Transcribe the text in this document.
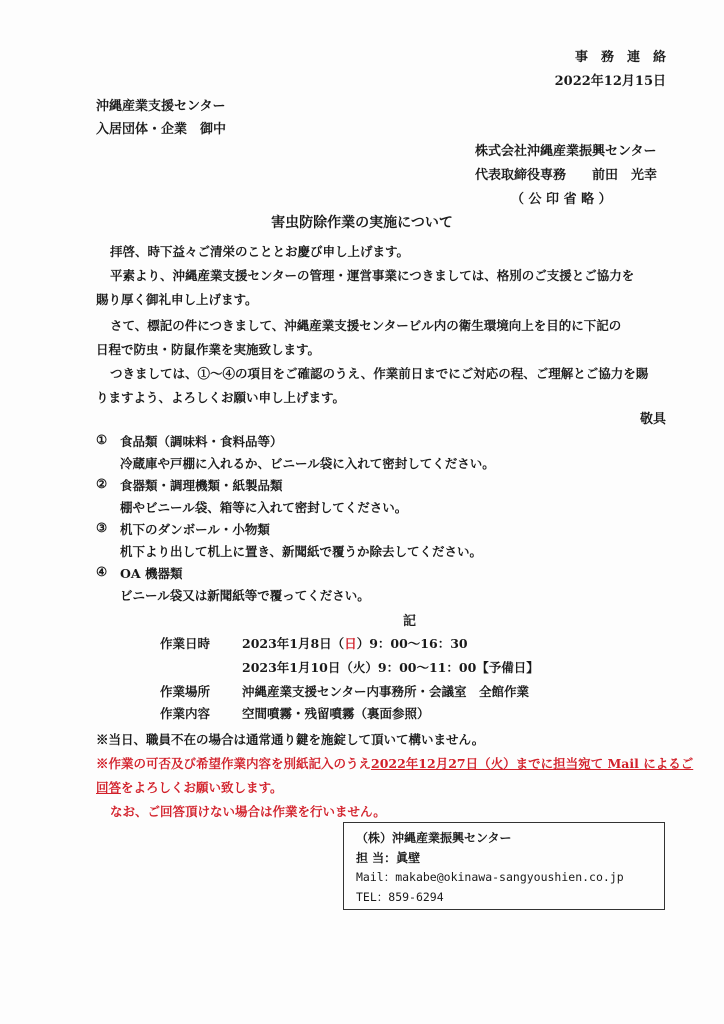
事　務　連　絡
2022年12月15日
沖縄産業支援センター
入居団体・企業　御中
株式会社沖縄産業振興センター
代表取締役専務　　前田　光幸
（ 公 印 省 略 ）
害虫防除作業の実施について
拝啓、時下益々ご清栄のこととお慶び申し上げます。
平素より、沖縄産業支援センターの管理・運営事業につきましては、格別のご支援とご協力を
賜り厚く御礼申し上げます。
さて、標記の件につきまして、沖縄産業支援センタービル内の衛生環境向上を目的に下記の
日程で防虫・防鼠作業を実施致します。
つきましては、①～④の項目をご確認のうえ、作業前日までにご対応の程、ご理解とご協力を賜
りますよう、よろしくお願い申し上げます。
敬具
① 食品類（調味料・食料品等）
冷蔵庫や戸棚に入れるか、ビニール袋に入れて密封してください。
② 食器類・調理機類・紙製品類
棚やビニール袋、箱等に入れて密封してください。
③ 机下のダンボール・小物類
机下より出して机上に置き、新聞紙で覆うか除去してください。
④ OA 機器類
ビニール袋又は新聞紙等で覆ってください。
記
作業日時	2023年1月8日（日）9：00～16：30
2023年1月10日（火）9：00～11：00【予備日】
作業場所	沖縄産業支援センター内事務所・会議室　全館作業
作業内容	空間噴霧・残留噴霧（裏面参照）
※当日、職員不在の場合は通常通り鍵を施錠して頂いて構いません。
※作業の可否及び希望作業内容を別紙記入のうえ2022年12月27日（火）までに担当宛て Mail によるご
回答をよろしくお願い致します。
なお、ご回答頂けない場合は作業を行いません。
（株）沖縄産業振興センター
担 当：眞壁
Mail：makabe@okinawa-sangyoushien.co.jp
TEL：859-6294
